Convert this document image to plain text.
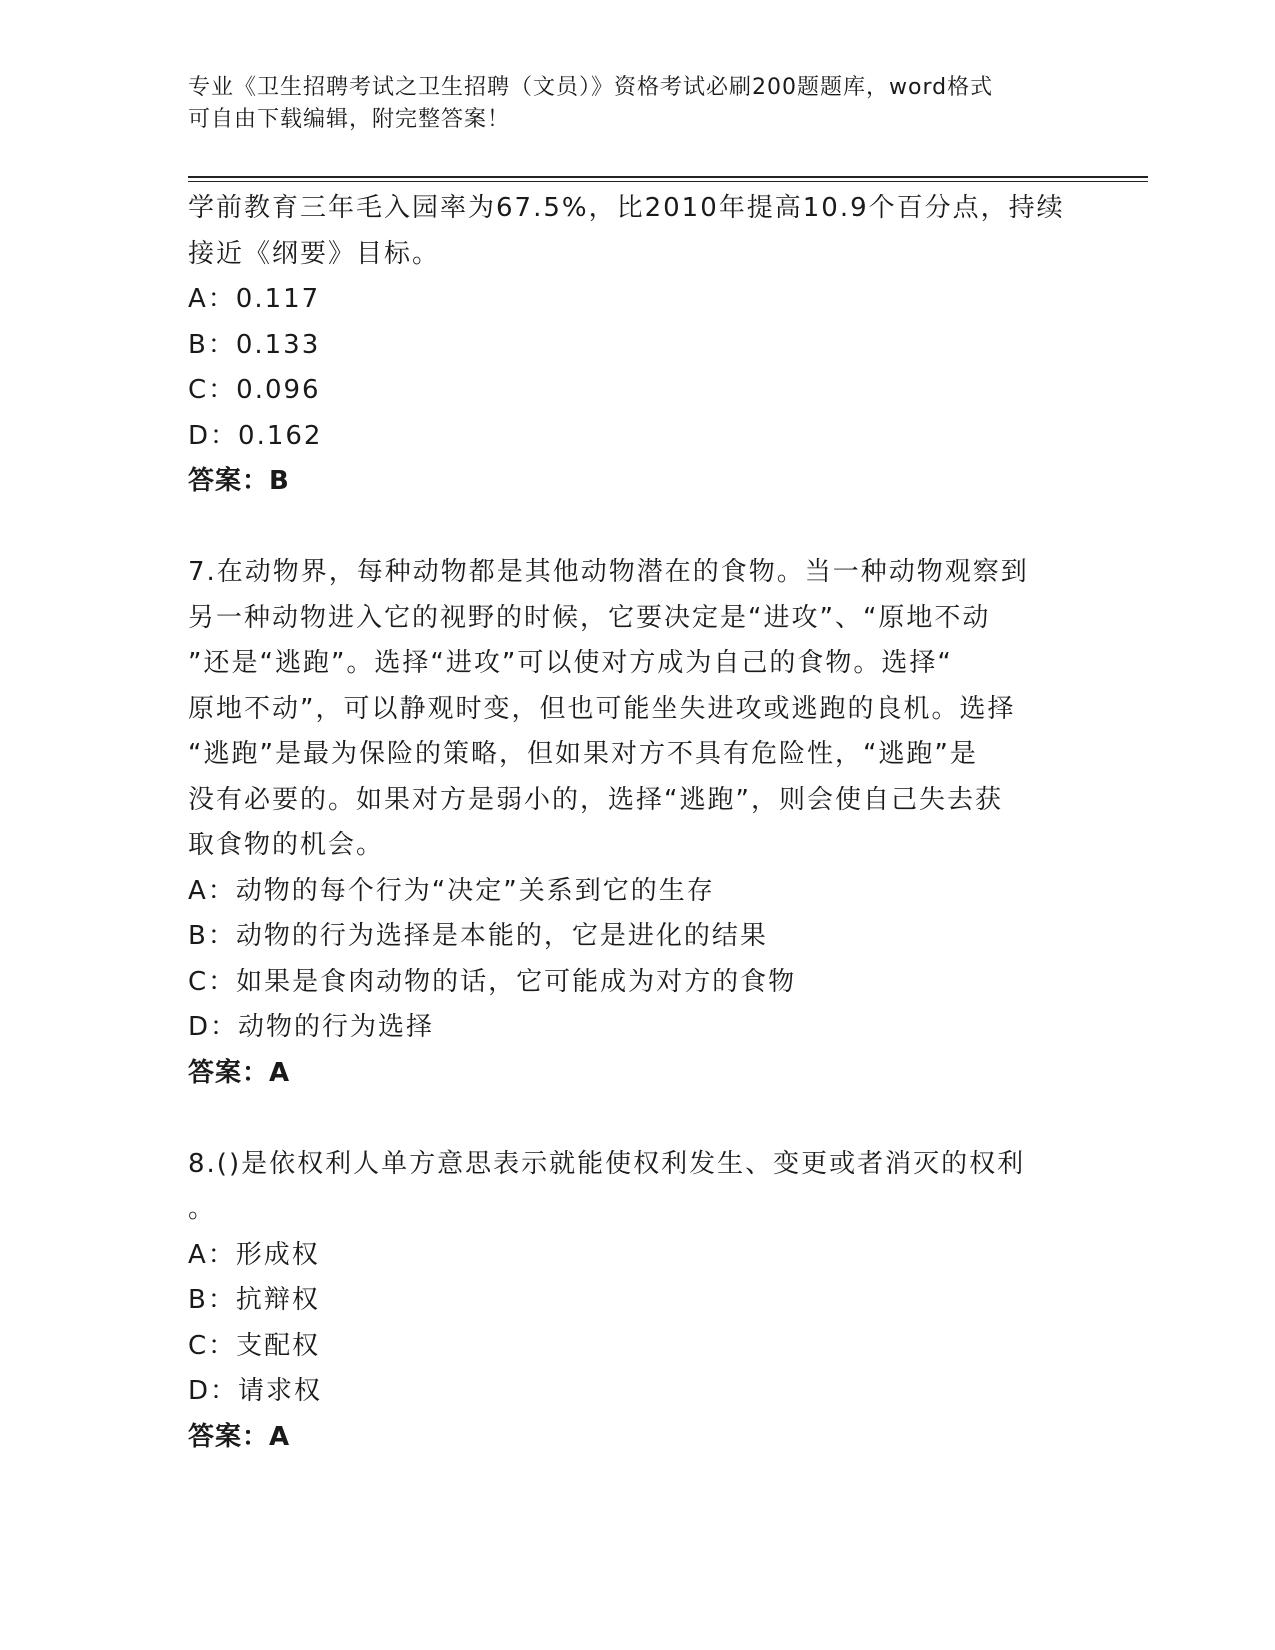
专业《卫生招聘考试之卫生招聘（文员）》资格考试必刷200题题库，word格式
可自由下载编辑，附完整答案！
学前教育三年毛入园率为67.5%，比2010年提高10.9个百分点，持续
接近《纲要》目标。
A：0.117
B：0.133
C：0.096
D：0.162
答案：B
7.在动物界，每种动物都是其他动物潜在的食物。当一种动物观察到
另一种动物进入它的视野的时候，它要决定是“进攻”、“原地不动
”还是“逃跑”。选择“进攻”可以使对方成为自己的食物。选择“
原地不动”，可以静观时变，但也可能坐失进攻或逃跑的良机。选择
“逃跑”是最为保险的策略，但如果对方不具有危险性，“逃跑”是
没有必要的。如果对方是弱小的，选择“逃跑”，则会使自己失去获
取食物的机会。
A：动物的每个行为“决定”关系到它的生存
B：动物的行为选择是本能的，它是进化的结果
C：如果是食肉动物的话，它可能成为对方的食物
D：动物的行为选择
答案：A
8.()是依权利人单方意思表示就能使权利发生、变更或者消灭的权利
。
A：形成权
B：抗辩权
C：支配权
D：请求权
答案：A
